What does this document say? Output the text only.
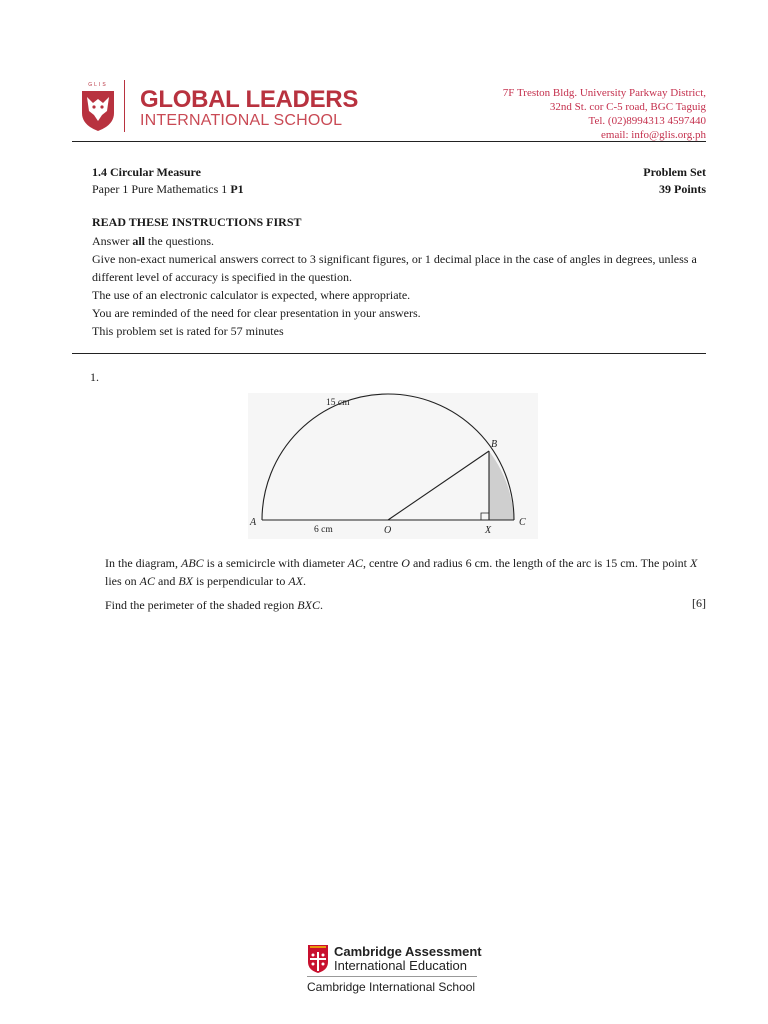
GLIS
GLOBAL LEADERS
INTERNATIONAL SCHOOL
7F Treston Bldg. University Parkway District,
32nd St. cor C-5 road, BGC Taguig
Tel. (02)8994313 4597440
email: info@glis.org.ph
1.4 Circular Measure
Paper 1 Pure Mathematics 1 P1
Problem Set
39 Points
READ THESE INSTRUCTIONS FIRST
Answer all the questions.
Give non-exact numerical answers correct to 3 significant figures, or 1 decimal place in the case of angles in degrees, unless a different level of accuracy is specified in the question.
The use of an electronic calculator is expected, where appropriate.
You are reminded of the need for clear presentation in your answers.
This problem set is rated for 57 minutes
1.
15 cm
6 cm
A
B
C
O	X

In the diagram, ABC is a semicircle with diameter AC, centre O and radius 6 cm. the length of the arc is 15 cm. The point X lies on AC and BX is perpendicular to AX.

Find the perimeter of the shaded region BXC.	[6]
Cambridge Assessment
International Education
Cambridge International School
